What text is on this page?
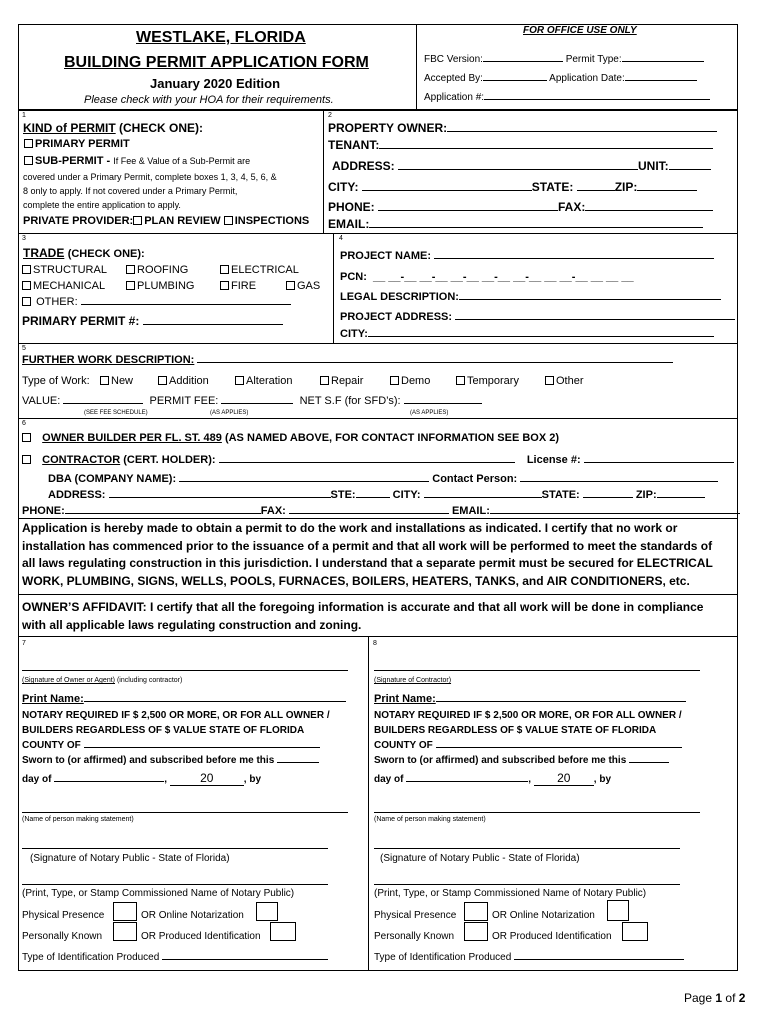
WESTLAKE, FLORIDA
BUILDING PERMIT APPLICATION FORM
January 2020 Edition
Please check with your HOA for their requirements.
FOR OFFICE USE ONLY
FBC Version:	Permit Type:
Accepted By:	Application Date:
Application #:
1
KIND of PERMIT (CHECK ONE):
PRIMARY PERMIT
SUB-PERMIT - If Fee & Value of a Sub-Permit are
covered under a Primary Permit, complete boxes 1, 3, 4, 5, 6, &
8 only to apply. If not covered under a Primary Permit,
complete the entire application to apply.
PRIVATE PROVIDER: PLAN REVIEW INSPECTIONS
2
PROPERTY OWNER:
TENANT:
ADDRESS:	UNIT:
CITY:	STATE:	ZIP:
PHONE:	FAX:
EMAIL:
3
TRADE (CHECK ONE):
STRUCTURAL	ROOFING	ELECTRICAL
MECHANICAL	PLUMBING	FIRE	GAS
OTHER:
PRIMARY PERMIT #:
4
PROJECT NAME:
PCN: __ __-__ __-__ __-__ __-__ __-__ __ __-__ __ __ __
LEGAL DESCRIPTION:
PROJECT ADDRESS:
CITY:
5
FURTHER WORK DESCRIPTION:
Type of Work:	New	Addition	Alteration	Repair	Demo	Temporary	Other
VALUE:	PERMIT FEE:	NET S.F (for SFD’s):
(SEE FEE SCHEDULE)	(AS APPLIES)	(AS APPLIES)
6
OWNER BUILDER PER FL. ST. 489 (AS NAMED ABOVE, FOR CONTACT INFORMATION SEE BOX 2)
CONTRACTOR (CERT. HOLDER):	License #:
DBA (COMPANY NAME):	Contact Person:
ADDRESS:	STE:	CITY:	STATE:	ZIP:
PHONE:	FAX:	EMAIL:
Application is hereby made to obtain a permit to do the work and installations as indicated. I certify that no work or
installation has commenced prior to the issuance of a permit and that all work will be performed to meet the standards of
all laws regulating construction in this jurisdiction. I understand that a separate permit must be secured for ELECTRICAL
WORK, PLUMBING, SIGNS, WELLS, POOLS, FURNACES, BOILERS, HEATERS, TANKS, and AIR CONDITIONERS, etc.
OWNER’S AFFIDAVIT: I certify that all the foregoing information is accurate and that all work will be done in compliance
with all applicable laws regulating construction and zoning.
7
(Signature of Owner or Agent) (including contractor)
Print Name:
NOTARY REQUIRED IF $ 2,500 OR MORE, OR FOR ALL OWNER /
BUILDERS REGARDLESS OF $ VALUE STATE OF FLORIDA
COUNTY OF
Sworn to (or affirmed) and subscribed before me this
day of	,	20	, by
(Name of person making statement)
(Signature of Notary Public - State of Florida)
(Print, Type, or Stamp Commissioned Name of Notary Public)
Physical Presence	OR Online Notarization
Personally Known	OR Produced Identification
Type of Identification Produced
8
(Signature of Contractor)
Print Name:
NOTARY REQUIRED IF $ 2,500 OR MORE, OR FOR ALL OWNER /
BUILDERS REGARDLESS OF $ VALUE STATE OF FLORIDA
COUNTY OF
Sworn to (or affirmed) and subscribed before me this
day of	, 20 , by
(Name of person making statement)
(Signature of Notary Public - State of Florida)
(Print, Type, or Stamp Commissioned Name of Notary Public)
Physical Presence	OR Online Notarization
Personally Known	OR Produced Identification
Type of Identification Produced
Page 1 of 2
